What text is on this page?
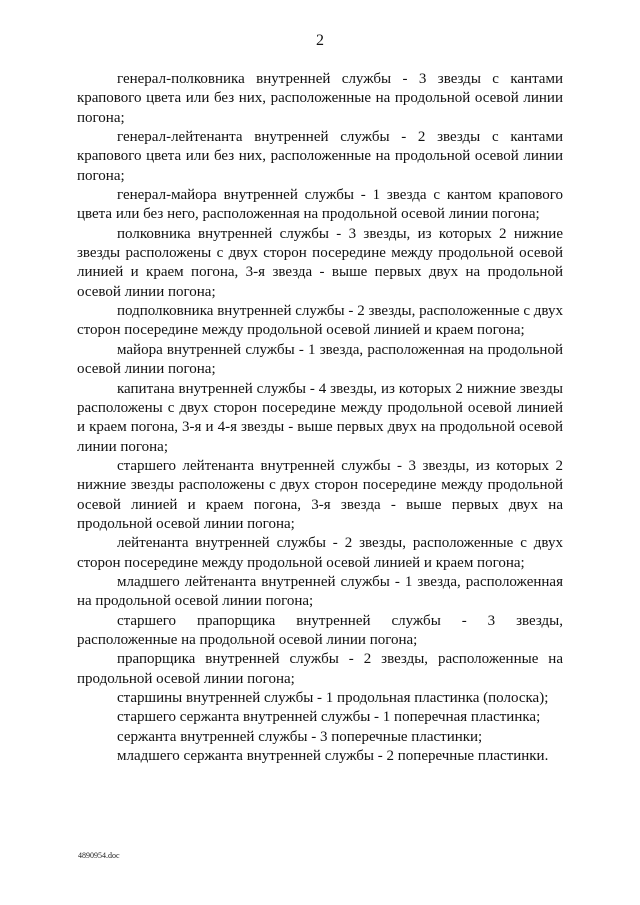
2

генерал-полковника внутренней службы - 3 звезды с кантами крапового цвета или без них, расположенные на продольной осевой линии погона;

генерал-лейтенанта внутренней службы - 2 звезды с кантами крапового цвета или без них, расположенные на продольной осевой линии погона;

генерал-майора внутренней службы - 1 звезда с кантом крапового цвета или без него, расположенная на продольной осевой линии погона;

полковника внутренней службы - 3 звезды, из которых 2 нижние звезды расположены с двух сторон посередине между продольной осевой линией и краем погона, 3-я звезда - выше первых двух на продольной осевой линии погона;

подполковника внутренней службы - 2 звезды, расположенные с двух сторон посередине между продольной осевой линией и краем погона;

майора внутренней службы - 1 звезда, расположенная на продольной осевой линии погона;

капитана внутренней службы - 4 звезды, из которых 2 нижние звезды расположены с двух сторон посередине между продольной осевой линией и краем погона, 3-я и 4-я звезды - выше первых двух на продольной осевой линии погона;

старшего лейтенанта внутренней службы - 3 звезды, из которых 2 нижние звезды расположены с двух сторон посередине между продольной осевой линией и краем погона, 3-я звезда - выше первых двух на продольной осевой линии погона;

лейтенанта внутренней службы - 2 звезды, расположенные с двух сторон посередине между продольной осевой линией и краем погона;

младшего лейтенанта внутренней службы - 1 звезда, расположенная на продольной осевой линии погона;

старшего прапорщика внутренней службы - 3 звезды, расположенные на продольной осевой линии погона;

прапорщика внутренней службы - 2 звезды, расположенные на продольной осевой линии погона;

старшины внутренней службы - 1 продольная пластинка (полоска);

старшего сержанта внутренней службы - 1 поперечная пластинка;

сержанта внутренней службы - 3 поперечные пластинки;

младшего сержанта внутренней службы - 2 поперечные пластинки.

4890954.doc
